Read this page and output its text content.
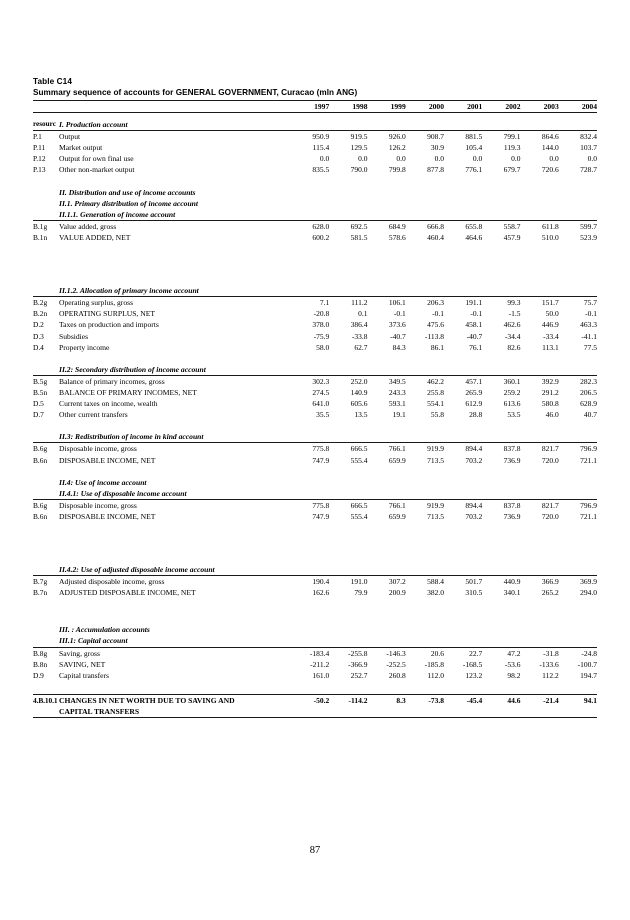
Table C14
Summary sequence of accounts for GENERAL GOVERNMENT, Curacao (mln ANG)
		1997	1998	1999	2000	2001	2002	2003	2004

resourc	I. Production account								
P.1	Output	950.9	919.5	926.0	908.7	881.5	799.1	864.6	832.4
P.11	Market output	115.4	129.5	126.2	30.9	105.4	119.3	144.0	103.7
P.12	Output for own final use	0.0	0.0	0.0	0.0	0.0	0.0	0.0	0.0
P.13	Other non-market output	835.5	790.0	799.8	877.8	776.1	679.7	720.6	728.7

	II. Distribution and use of income accounts								
	II.1. Primary distribution of income account								
	II.1.1. Generation of income account								
B.1g	Value added, gross	628.0	692.5	684.9	666.8	655.8	558.7	611.8	599.7
B.1n	VALUE ADDED, NET	600.2	581.5	578.6	460.4	464.6	457.9	510.0	523.9

	II.1.2. Allocation of primary income account								
B.2g	Operating surplus, gross	7.1	111.2	106.1	206.3	191.1	99.3	151.7	75.7
B.2n	OPERATING SURPLUS, NET	-20.8	0.1	-0.1	-0.1	-0.1	-1.5	50.0	-0.1
D.2	Taxes on production and imports	378.0	386.4	373.6	475.6	458.1	462.6	446.9	463.3
D.3	Subsidies	-75.9	-33.8	-40.7	-113.8	-40.7	-34.4	-33.4	-41.1
D.4	Property income	58.0	62.7	84.3	86.1	76.1	82.6	113.1	77.5

	II.2: Secondary distribution of income account								
B.5g	Balance of primary incomes, gross	302.3	252.0	349.5	462.2	457.1	360.1	392.9	282.3
B.5n	BALANCE OF PRIMARY INCOMES, NET	274.5	140.9	243.3	255.8	265.9	259.2	291.2	206.5
D.5	Current taxes on income, wealth	641.0	605.6	593.1	554.1	612.9	613.6	580.8	628.9
D.7	Other current transfers	35.5	13.5	19.1	55.8	28.8	53.5	46.0	40.7

	II.3: Redistribution of income in kind account								
B.6g	Disposable income, gross	775.8	666.5	766.1	919.9	894.4	837.8	821.7	796.9
B.6n	DISPOSABLE INCOME, NET	747.9	555.4	659.9	713.5	703.2	736.9	720.0	721.1

	II.4: Use of income account								
	II.4.1: Use of disposable income account								
B.6g	Disposable income, gross	775.8	666.5	766.1	919.9	894.4	837.8	821.7	796.9
B.6n	DISPOSABLE INCOME, NET	747.9	555.4	659.9	713.5	703.2	736.9	720.0	721.1

	II.4.2: Use of adjusted disposable income account								
B.7g	Adjusted disposable income, gross	190.4	191.0	307.2	588.4	501.7	440.9	366.9	369.9
B.7n	ADJUSTED DISPOSABLE INCOME, NET	162.6	79.9	200.9	382.0	310.5	340.1	265.2	294.0

	III. : Accumulation accounts								
	III.1: Capital account								
B.8g	Saving, gross	-183.4	-255.8	-146.3	20.6	22.7	47.2	-31.8	-24.8
B.8n	SAVING, NET	-211.2	-366.9	-252.5	-185.8	-168.5	-53.6	-133.6	-100.7
D.9	Capital transfers	161.0	252.7	260.8	112.0	123.2	98.2	112.2	194.7

4.B.10.1	CHANGES IN NET WORTH DUE TO SAVING AND	-50.2	-114.2	8.3	-73.8	-45.4	44.6	-21.4	94.1
	CAPITAL TRANSFERS								
87
